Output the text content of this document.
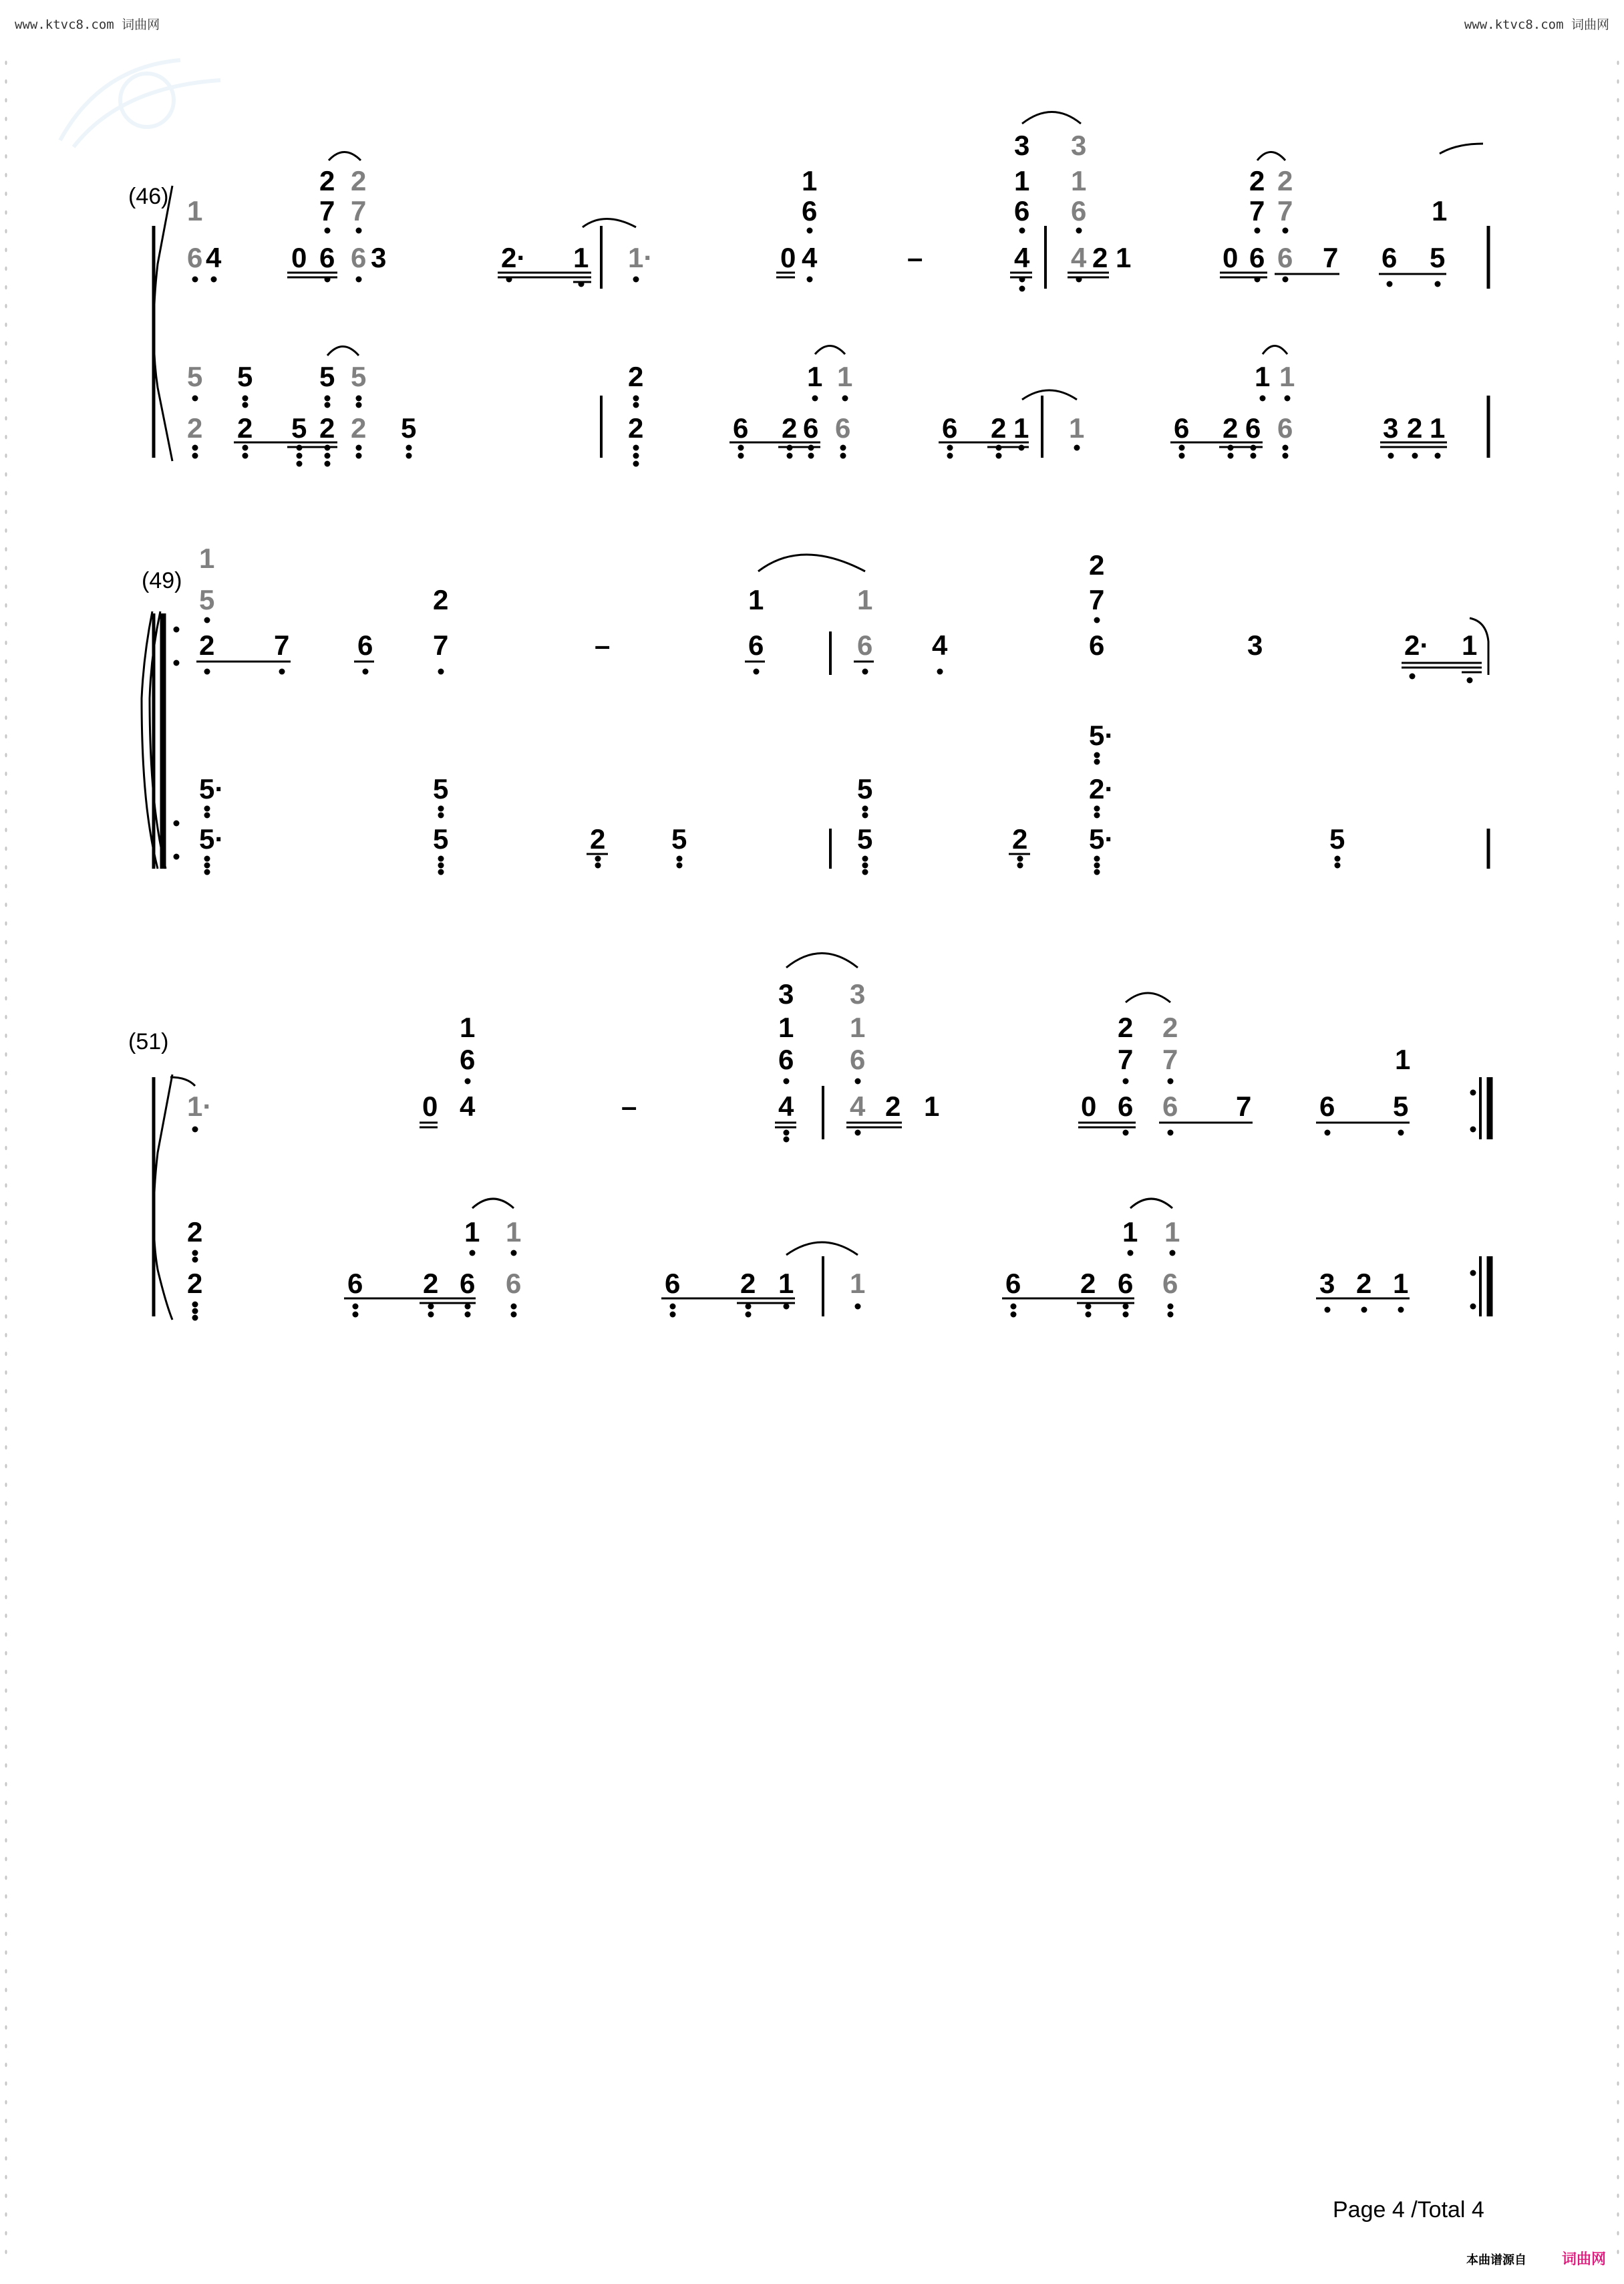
www.ktvc8.com 词曲网	www.ktvc8.com 词曲网
(46) 1
6 4
2 2
7 7
0 6 6 3	2· 1 1·
1
6
0 4	–
3 3
1 1
6 6
4 4 2 1
2 2
7 7
0 6 6 7
1
6 5
5
2
5
2
5 5
5 2 2 5
2
2	6 2 6 6
1 1
6 2 1 1
1 1
6 2 6 6	3 2 1
(49)
1
5
2 7 6
2
7	–
1	1
6	6 4
2
7
6	3	2· 1
5·
2·
5·
5·
5
5	2 5
5
5	2 5·	5
(51)
1·
1
6
0 4	–
3 3
1 1
6 6
4 4 2 1
2 2
7 7
0 6 6 7
1
6 5
2
2
1 1
6 2 6 6	6 2 1 1
1 1
6 2 6 6	3 2 1
Page 4 /Total 4
本曲谱源自 词曲网
